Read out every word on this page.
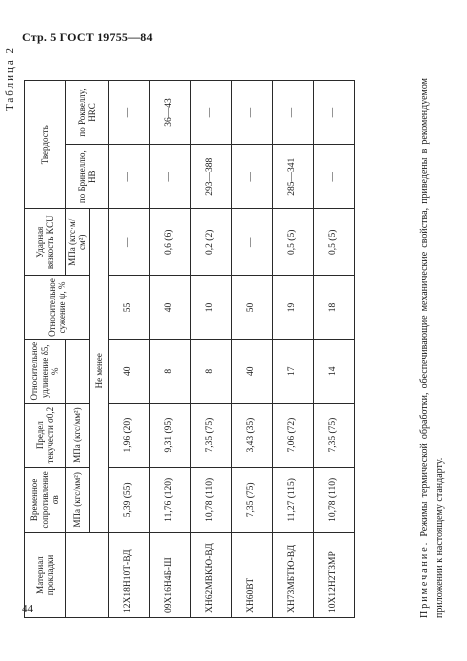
Стр. 5 ГОСТ 19755—84
44
Таблица 2
Материал прокладки	Временное сопротивление σв	Предел текучести σ0,2	Относительное удлинение δ5, %	Относительное сужение ψ, %	Ударная вязкость KCU	Твердость	
	МПа (кгс/мм²)	МПа (кгс/мм²)			МПа (кгс·м/см²)	по Бринеллю, НВ	по Роквеллу, HRC

	Не менее						
12Х18Н10Т-ВД	5,39 (55)	1,96 (20)	40	55	—	—	—
09Х16Н4Б-Ш	11,76 (120)	9,31 (95)	8	40	0,6 (6)	—	36—43
ХН62МВКЮ-ВД	10,78 (110)	7,35 (75)	8	10	0,2 (2)	293—388	—
ХН60ВТ	7,35 (75)	3,43 (35)	40	50	—	—	—
ХН73МБТЮ-ВД	11,27 (115)	7,06 (72)	17	19	0,5 (5)	285—341	—
10Х12Н2ТЗМР	10,78 (110)	7,35 (75)	14	18	0,5 (5)	—	—
Примечание. Режимы термической обработки, обеспечивающие механические свойства, приведены в рекомендуемом приложении к настоящему стандарту.
